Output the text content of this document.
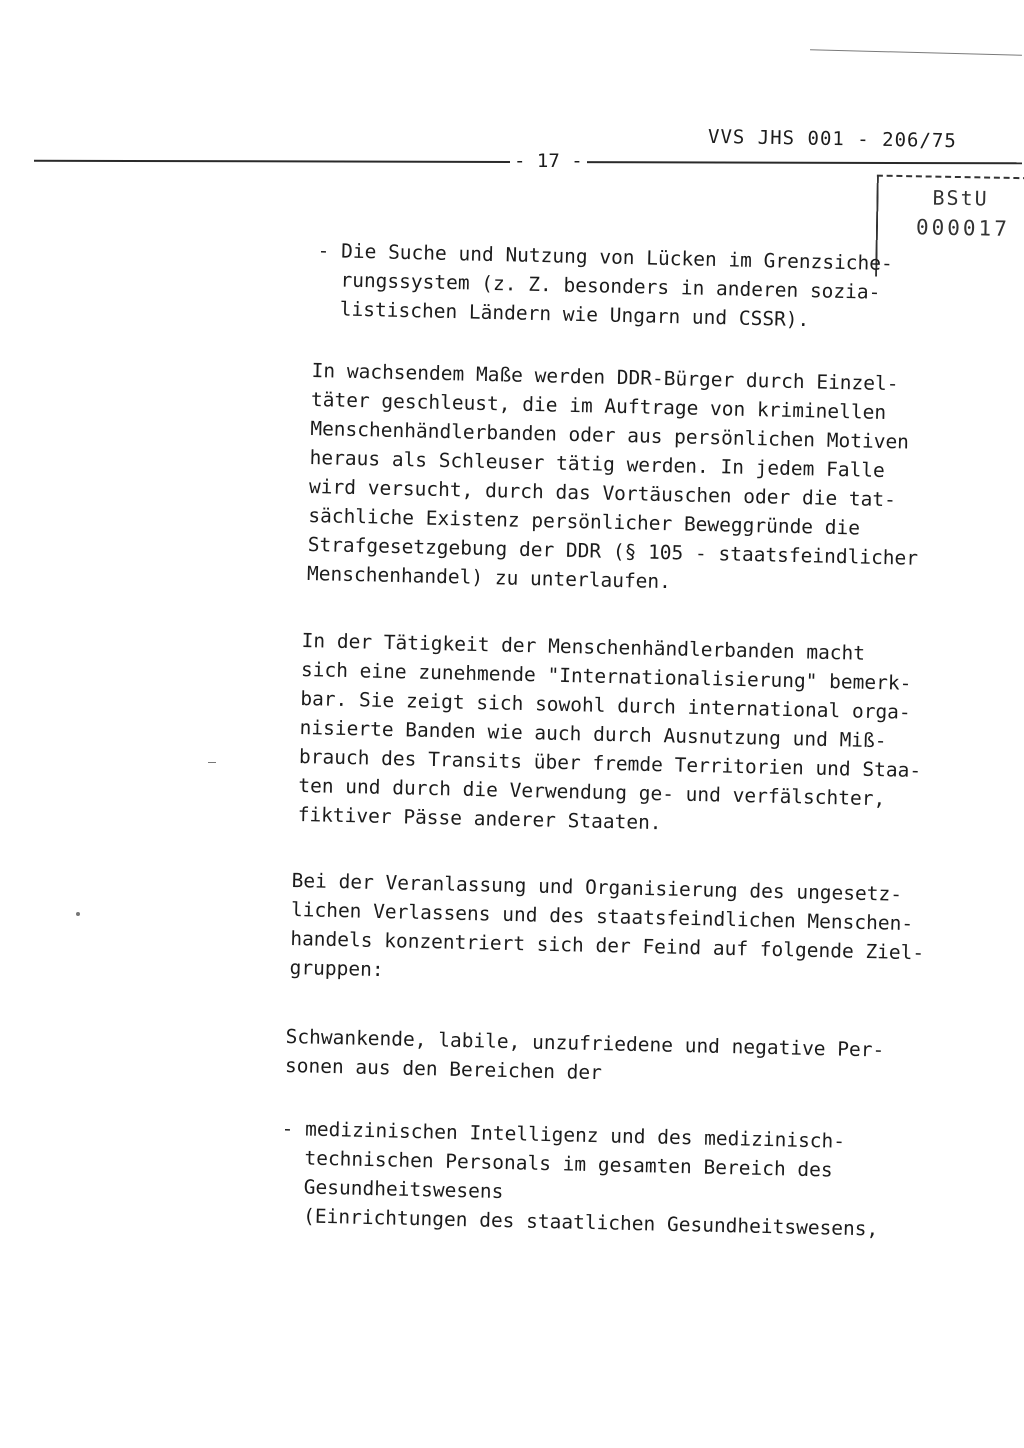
VVS JHS 001 - 206/75
- 17 -
BStU
000017
- Die Suche und Nutzung von Lücken im Grenzsiche-
rungssystem (z. Z. besonders in anderen sozia-
listischen Ländern wie Ungarn und CSSR).
In wachsendem Maße werden DDR-Bürger durch Einzel-
täter geschleust, die im Auftrage von kriminellen
Menschenhändlerbanden oder aus persönlichen Motiven
heraus als Schleuser tätig werden. In jedem Falle
wird versucht, durch das Vortäuschen oder die tat-
sächliche Existenz persönlicher Beweggründe die
Strafgesetzgebung der DDR (§ 105 - staatsfeindlicher
Menschenhandel) zu unterlaufen.
In der Tätigkeit der Menschenhändlerbanden macht
sich eine zunehmende "Internationalisierung" bemerk-
bar. Sie zeigt sich sowohl durch international orga-
nisierte Banden wie auch durch Ausnutzung und Miß-
brauch des Transits über fremde Territorien und Staa-
ten und durch die Verwendung ge- und verfälschter,
fiktiver Pässe anderer Staaten.
Bei der Veranlassung und Organisierung des ungesetz-
lichen Verlassens und des staatsfeindlichen Menschen-
handels konzentriert sich der Feind auf folgende Ziel-
gruppen:
Schwankende, labile, unzufriedene und negative Per-
sonen aus den Bereichen der
- medizinischen Intelligenz und des medizinisch-
technischen Personals im gesamten Bereich des
Gesundheitswesens
(Einrichtungen des staatlichen Gesundheitswesens,
